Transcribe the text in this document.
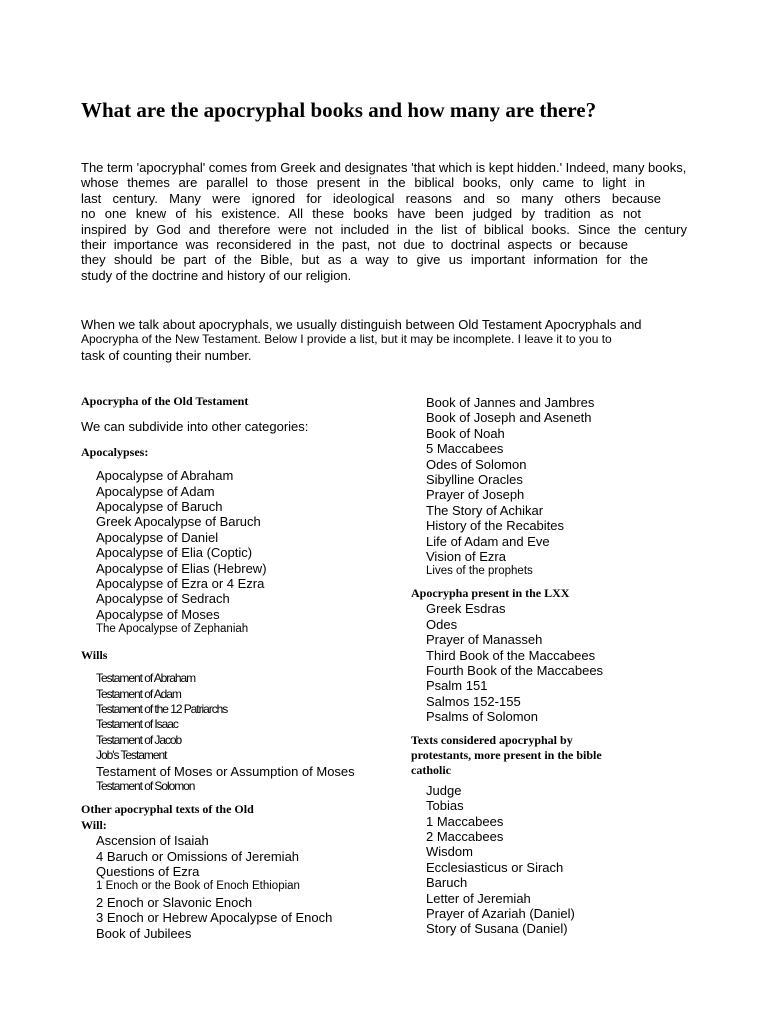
What are the apocryphal books and how many are there?
The term 'apocryphal' comes from Greek and designates 'that which is kept hidden.' Indeed, many books,
whose themes are parallel to those present in the biblical books, only came to light in
last century. Many were ignored for ideological reasons and so many others because
no one knew of his existence. All these books have been judged by tradition as not
inspired by God and therefore were not included in the list of biblical books. Since the century
their importance was reconsidered in the past, not due to doctrinal aspects or because
they should be part of the Bible, but as a way to give us important information for the
study of the doctrine and history of our religion.
When we talk about apocryphals, we usually distinguish between Old Testament Apocryphals and
Apocrypha of the New Testament. Below I provide a list, but it may be incomplete. I leave it to you to
task of counting their number.
Apocrypha of the Old Testament
We can subdivide into other categories:
Apocalypses:
Apocalypse of Abraham
Apocalypse of Adam
Apocalypse of Baruch
Greek Apocalypse of Baruch
Apocalypse of Daniel
Apocalypse of Elia (Coptic)
Apocalypse of Elias (Hebrew)
Apocalypse of Ezra or 4 Ezra
Apocalypse of Sedrach
Apocalypse of Moses
The Apocalypse of Zephaniah
Wills
Testament of Abraham
Testament of Adam
Testament of the 12 Patriarchs
Testament of Isaac
Testament of Jacob
Job's Testament
Testament of Moses or Assumption of Moses
Testament of Solomon
Other apocryphal texts of the Old
Will:
Ascension of Isaiah
4 Baruch or Omissions of Jeremiah
Questions of Ezra
1 Enoch or the Book of Enoch Ethiopian
2 Enoch or Slavonic Enoch
3 Enoch or Hebrew Apocalypse of Enoch
Book of Jubilees
Book of Jannes and Jambres
Book of Joseph and Aseneth
Book of Noah
5 Maccabees
Odes of Solomon
Sibylline Oracles
Prayer of Joseph
The Story of Achikar
History of the Recabites
Life of Adam and Eve
Vision of Ezra
Lives of the prophets
Apocrypha present in the LXX
Greek Esdras
Odes
Prayer of Manasseh
Third Book of the Maccabees
Fourth Book of the Maccabees
Psalm 151
Salmos 152-155
Psalms of Solomon
Texts considered apocryphal by
protestants, more present in the bible
catholic
Judge
Tobias
1 Maccabees
2 Maccabees
Wisdom
Ecclesiasticus or Sirach
Baruch
Letter of Jeremiah
Prayer of Azariah (Daniel)
Story of Susana (Daniel)
